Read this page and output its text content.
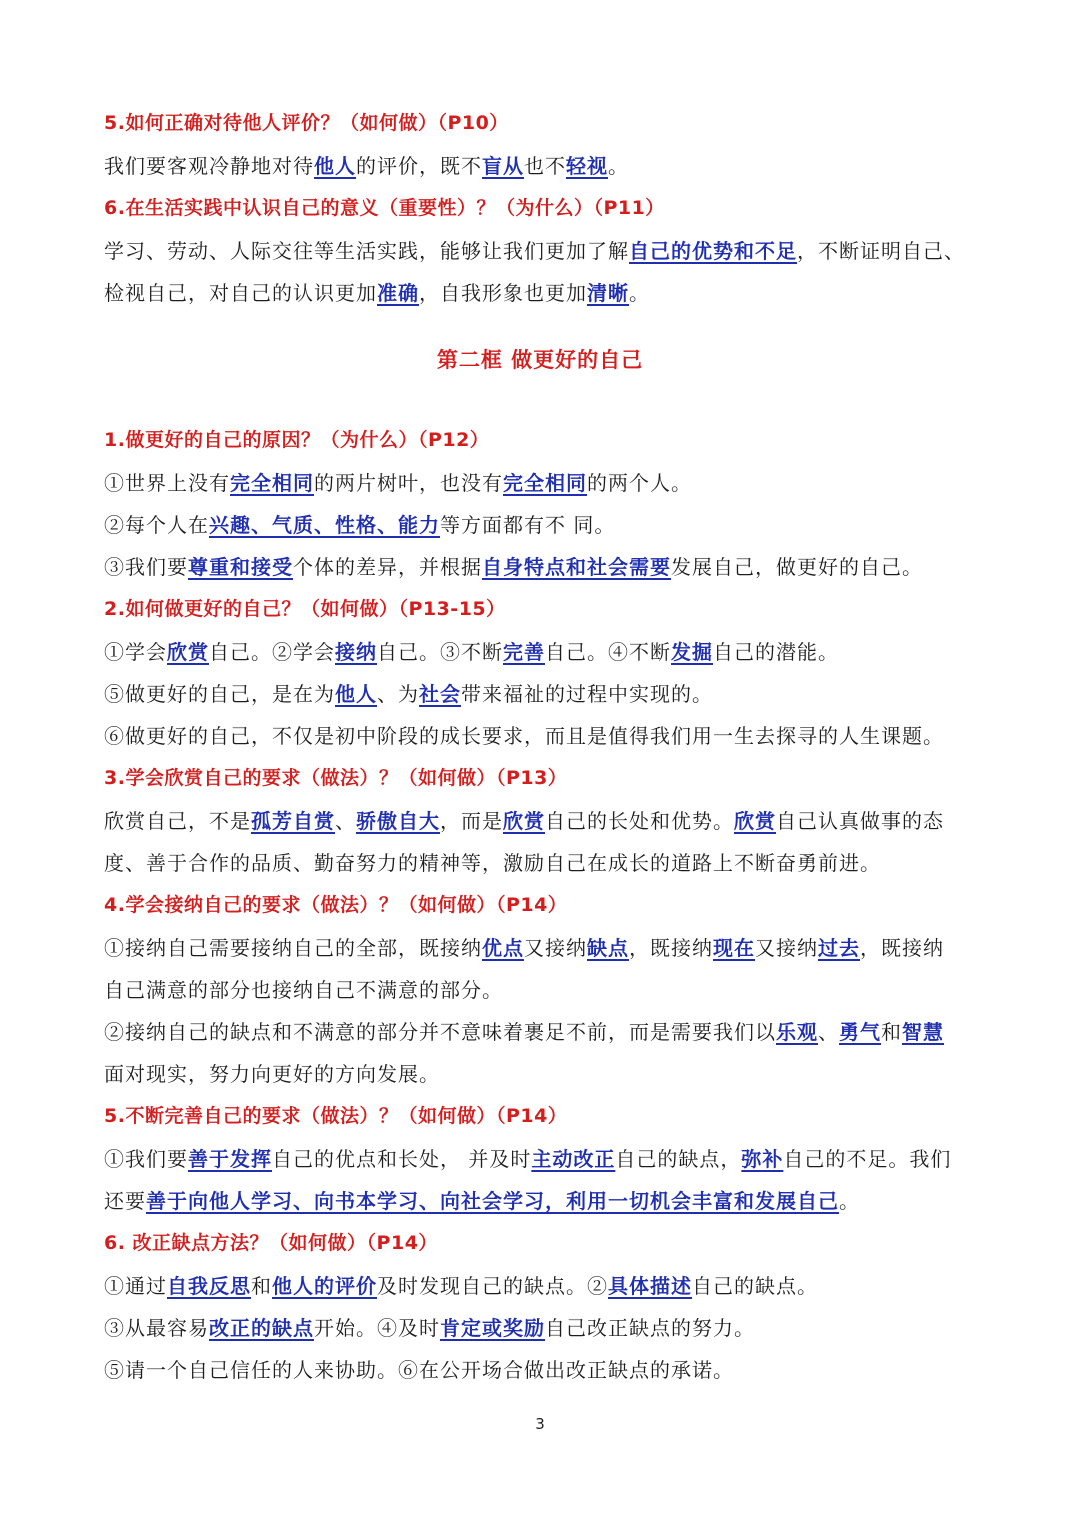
5.如何正确对待他人评价？（如何做）（P10）
我们要客观冷静地对待他人的评价，既不盲从也不轻视。
6.在生活实践中认识自己的意义（重要性）？（为什么）（P11）
学习、劳动、人际交往等生活实践，能够让我们更加了解自己的优势和不足，不断证明自己、
检视自己，对自己的认识更加准确，自我形象也更加清晰。
第二框 做更好的自己
1.做更好的自己的原因？（为什么）（P12）
①世界上没有完全相同的两片树叶，也没有完全相同的两个人。
②每个人在兴趣、气质、性格、能力等方面都有不 同。
③我们要尊重和接受个体的差异，并根据自身特点和社会需要发展自己，做更好的自己。
2.如何做更好的自己？（如何做）（P13-15）
①学会欣赏自己。②学会接纳自己。③不断完善自己。④不断发掘自己的潜能。
⑤做更好的自己，是在为他人、为社会带来福祉的过程中实现的。
⑥做更好的自己，不仅是初中阶段的成长要求，而且是值得我们用一生去探寻的人生课题。
3.学会欣赏自己的要求（做法）？（如何做）（P13）
欣赏自己，不是孤芳自赏、骄傲自大，而是欣赏自己的长处和优势。欣赏自己认真做事的态
度、善于合作的品质、勤奋努力的精神等，激励自己在成长的道路上不断奋勇前进。
4.学会接纳自己的要求（做法）？（如何做）（P14）
①接纳自己需要接纳自己的全部，既接纳优点又接纳缺点，既接纳现在又接纳过去，既接纳
自己满意的部分也接纳自己不满意的部分。
②接纳自己的缺点和不满意的部分并不意味着裹足不前，而是需要我们以乐观、勇气和智慧
面对现实，努力向更好的方向发展。
5.不断完善自己的要求（做法）？（如何做）（P14）
①我们要善于发挥自己的优点和长处， 并及时主动改正自己的缺点，弥补自己的不足。我们
还要善于向他人学习、向书本学习、向社会学习，利用一切机会丰富和发展自己。
6. 改正缺点方法？（如何做）（P14）
①通过自我反思和他人的评价及时发现自己的缺点。②具体描述自己的缺点。
③从最容易改正的缺点开始。④及时肯定或奖励自己改正缺点的努力。
⑤请一个自己信任的人来协助。⑥在公开场合做出改正缺点的承诺。
3
